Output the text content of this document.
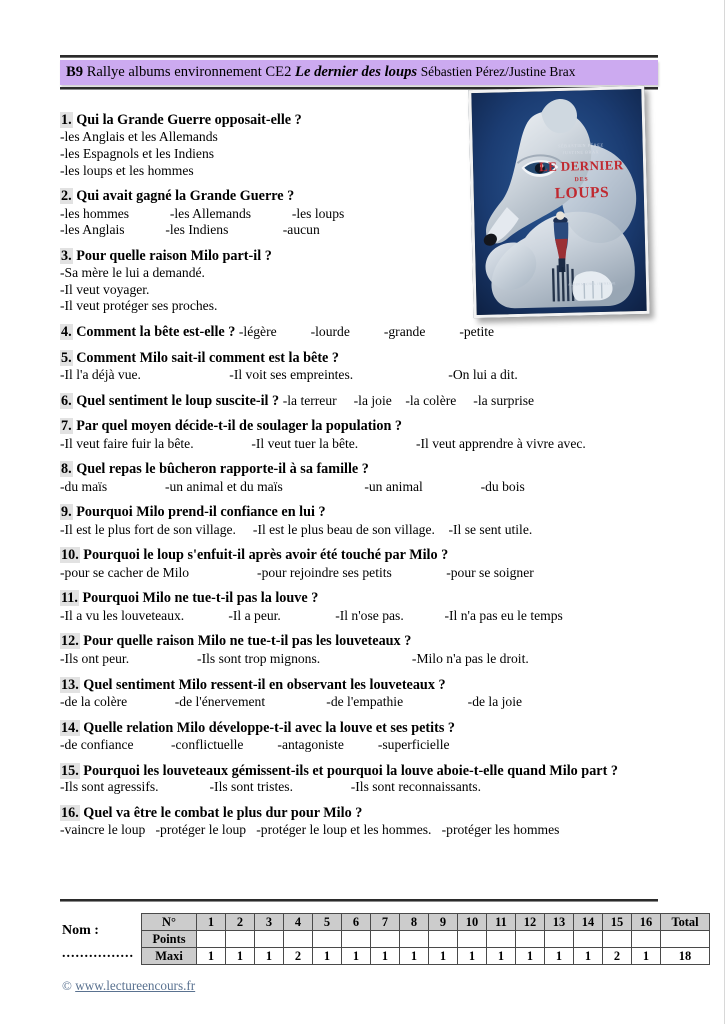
B9 Rallye albums environnement CE2 Le dernier des loups Sébastien Pérez/Justine Brax
SÉBASTIEN PÉREZ
JUSTINE BRAX
LE DERNIER
DES
LOUPS
ALBIN MICHEL JEUNESSE

1. Qui la Grande Guerre opposait-elle ?

-les Anglais et les Allemands
-les Espagnols et les Indiens
-les loups et les hommes

2. Qui avait gagné la Grande Guerre ?

-les hommes            -les Allemands            -les loups
-les Anglais            -les Indiens                -aucun

3. Pour quelle raison Milo part-il ?

-Sa mère le lui a demandé.
-Il veut voyager.
-Il veut protéger ses proches.

4. Comment la bête est-elle ? -légère          -lourde          -grande          -petite

5. Comment Milo sait-il comment est la bête ?

-Il l'a déjà vue.                          -Il voit ses empreintes.                            -On lui a dit.

6. Quel sentiment le loup suscite-il ? -la terreur     -la joie    -la colère     -la surprise

7. Par quel moyen décide-t-il de soulager la population ?

-Il veut faire fuir la bête.                 -Il veut tuer la bête.                 -Il veut apprendre à vivre avec.

8. Quel repas le bûcheron rapporte-il à sa famille ?

-du maïs                 -un animal et du maïs                        -un animal                 -du bois

9. Pourquoi Milo prend-il confiance en lui ?

-Il est le plus fort de son village.     -Il est le plus beau de son village.    -Il se sent utile.

10. Pourquoi le loup s'enfuit-il après avoir été touché par Milo ?

-pour se cacher de Milo                    -pour rejoindre ses petits                -pour se soigner

11. Pourquoi Milo ne tue-t-il pas la louve ?

-Il a vu les louveteaux.             -Il a peur.                -Il n'ose pas.            -Il n'a pas eu le temps

12. Pour quelle raison Milo ne tue-t-il pas les louveteaux ?

-Ils ont peur.                    -Ils sont trop mignons.                           -Milo n'a pas le droit.

13. Quel sentiment Milo ressent-il en observant les louveteaux ?

-de la colère              -de l'énervement                  -de l'empathie                   -de la joie

14. Quelle relation Milo développe-t-il avec la louve et ses petits ?

-de confiance           -conflictuelle          -antagoniste          -superficielle

15. Pourquoi les louveteaux gémissent-ils et pourquoi la louve aboie-t-elle quand Milo part ? -Ils sont agressifs.               -Ils sont tristes.                 -Ils sont reconnaissants.

16. Quel va être le combat le plus dur pour Milo ?

-vaincre le loup   -protéger le loup   -protéger le loup et les hommes.   -protéger les hommes

Nom :
................
N°	1	2	3	4	5	6	7	8	9	10	11	12	13	14	15	16	Total
Points																	
Maxi	1	1	1	2	1	1	1	1	1	1	1	1	1	1	2	1	18
© www.lectureencours.fr
